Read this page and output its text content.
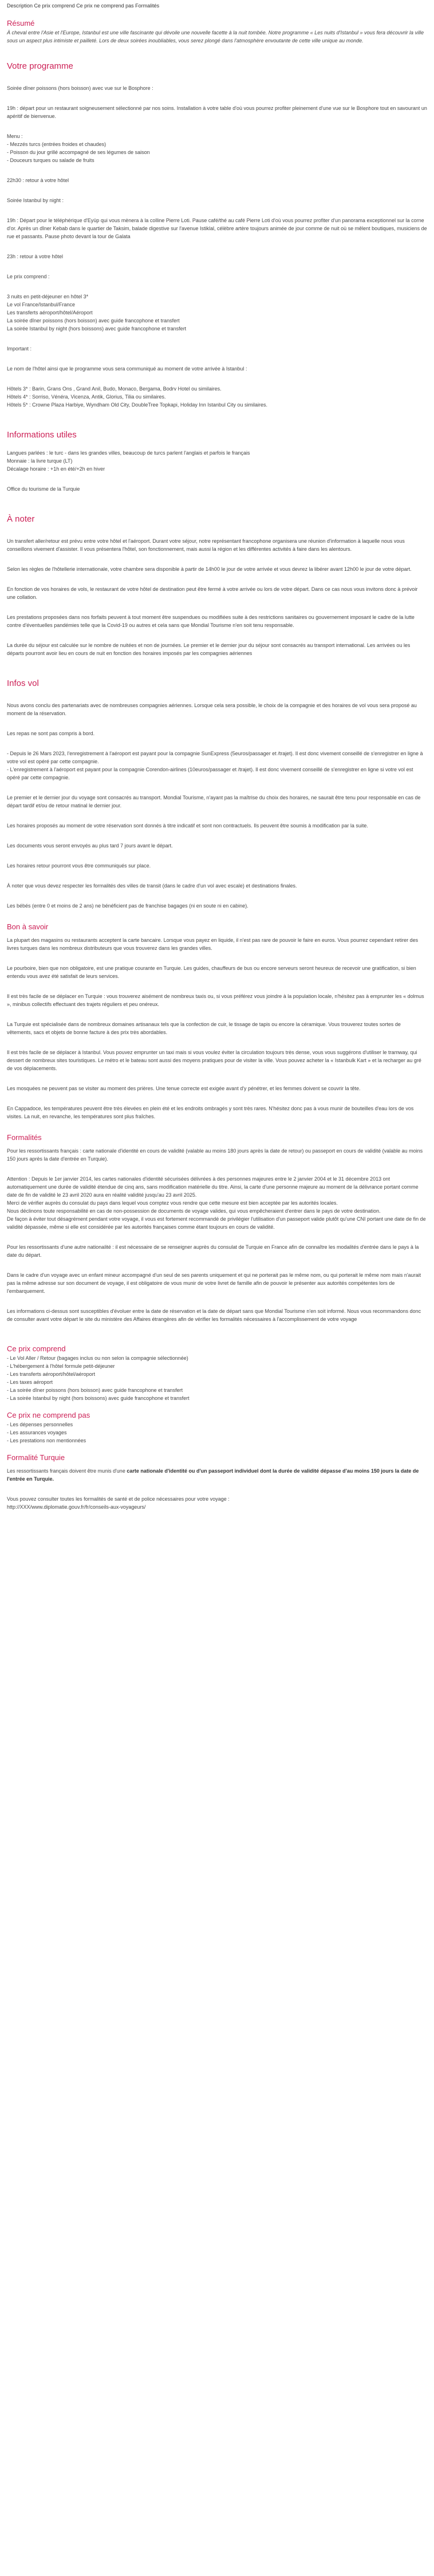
Description Ce prix comprend Ce prix ne comprend pas Formalités
Résumé

À cheval entre l'Asie et l'Europe, Istanbul est une ville fascinante qui dévoile une nouvelle facette à la nuit tombée. Notre programme « Les nuits d'Istanbul » vous fera découvrir la ville sous un aspect plus intimiste et pailleté. Lors de deux soirées inoubliables, vous serez plongé dans l'atmosphère envoutante de cette ville unique au monde.

Votre programme

Soirée dîner poissons (hors boisson) avec vue sur le Bosphore :

19h : départ pour un restaurant soigneusement sélectionné par nos soins. Installation à votre table d'où vous pourrez profiter pleinement d'une vue sur le Bosphore tout en savourant un apéritif de bienvenue.

Menu :

- Mezzés turcs (entrées froides et chaudes)

- Poisson du jour grillé accompagné de ses légumes de saison

- Douceurs turques ou salade de fruits

22h30 : retour à votre hôtel

Soirée Istanbul by night :

19h : Départ pour le téléphérique d'Eyüp qui vous mènera à la colline Pierre Loti. Pause café/thé au café Pierre Loti d'où vous pourrez profiter d'un panorama exceptionnel sur la corne d'or. Après un dîner Kebab dans le quartier de Taksim, balade digestive sur l'avenue Istiklal, célèbre artère toujours animée de jour comme de nuit où se mêlent boutiques, musiciens de rue et passants. Pause photo devant la tour de Galata

23h : retour à votre hôtel

Le prix comprend :

3 nuits en petit-déjeuner en hôtel 3*

Le vol France/Istanbul/France

Les transferts aéroport/hôtel/Aéroport

La soirée dîner poissons (hors boisson) avec guide francophone et transfert

La soirée Istanbul by night (hors boissons) avec guide francophone et transfert

Important :

Le nom de l'hôtel ainsi que le programme vous sera communiqué au moment de votre arrivée à Istanbul :

Hôtels 3* : Barin, Grans Ons , Grand Anil, Budo, Monaco, Bergama, Bodrv Hotel ou similaires.

Hôtels 4* : Sorriso, Vénéra, Vicenza, Antik, Glorius, Tilia ou similaires.

Hôtels 5* : Crowne Plaza Harbiye, Wyndham Old City, DoubleTree Topkapi, Holiday Inn Istanbul City ou similaires.

Informations utiles

Langues parlées : le turc - dans les grandes villes, beaucoup de turcs parlent l'anglais et parfois le français

Monnaie : la livre turque (LT)

Décalage horaire : +1h en été/+2h en hiver

Office du tourisme de la Turquie

À noter

Un transfert aller/retour est prévu entre votre hôtel et l'aéroport. Durant votre séjour, notre représentant francophone organisera une réunion d'information à laquelle nous vous conseillons vivement d'assister. Il vous présentera l'hôtel, son fonctionnement, mais aussi la région et les différentes activités à faire dans les alentours.

Selon les règles de l'hôtellerie internationale, votre chambre sera disponible à partir de 14h00 le jour de votre arrivée et vous devrez la libérer avant 12h00 le jour de votre départ.

En fonction de vos horaires de vols, le restaurant de votre hôtel de destination peut être fermé à votre arrivée ou lors de votre départ. Dans ce cas nous vous invitons donc à prévoir une collation.

Les prestations proposées dans nos forfaits peuvent à tout moment être suspendues ou modifiées suite à des restrictions sanitaires ou gouvernement imposant le cadre de la lutte contre d'éventuelles pandémies telle que la Covid-19 ou autres et cela sans que Mondial Tourisme n'en soit tenu responsable.

La durée du séjour est calculée sur le nombre de nuitées et non de journées. Le premier et le dernier jour du séjour sont consacrés au transport international. Les arrivées ou les départs pourront avoir lieu en cours de nuit en fonction des horaires imposés par les compagnies aériennes

Infos vol

Nous avons conclu des partenariats avec de nombreuses compagnies aériennes. Lorsque cela sera possible, le choix de la compagnie et des horaires de vol vous sera proposé au moment de la réservation.

Les repas ne sont pas compris à bord.

- Depuis le 26 Mars 2023, l'enregistrement à l'aéroport est payant pour la compagnie SunExpress (5euros/passager et /trajet). Il est donc vivement conseillé de s'enregistrer en ligne à votre vol est opéré par cette compagnie.
- L'enregistrement à l'aéroport est payant pour la compagnie Corendon-airlines (10euros/passager et /trajet). Il est donc vivement conseillé de s'enregistrer en ligne si votre vol est opéré par cette compagnie.

Le premier et le dernier jour du voyage sont consacrés au transport. Mondial Tourisme, n'ayant pas la maîtrise du choix des horaires, ne saurait être tenu pour responsable en cas de départ tardif et/ou de retour matinal le dernier jour.

Les horaires proposés au moment de votre réservation sont donnés à titre indicatif et sont non contractuels. Ils peuvent être soumis à modification par la suite.

Les documents vous seront envoyés au plus tard 7 jours avant le départ.

Les horaires retour pourront vous être communiqués sur place.

À noter que vous devez respecter les formalités des villes de transit (dans le cadre d'un vol avec escale) et destinations finales.

Les bébés (entre 0 et moins de 2 ans) ne bénéficient pas de franchise bagages (ni en soute ni en cabine).

Bon à savoir

La plupart des magasins ou restaurants acceptent la carte bancaire. Lorsque vous payez en liquide, il n'est pas rare de pouvoir le faire en euros. Vous pourrez cependant retirer des livres turques dans les nombreux distributeurs que vous trouverez dans les grandes villes.

Le pourboire, bien que non obligatoire, est une pratique courante en Turquie. Les guides, chauffeurs de bus ou encore serveurs seront heureux de recevoir une gratification, si bien entendu vous avez été satisfait de leurs services.

Il est très facile de se déplacer en Turquie : vous trouverez aisément de nombreux taxis ou, si vous préférez vous joindre à la population locale, n'hésitez pas à emprunter les « dolmus », minibus collectifs effectuant des trajets réguliers et peu onéreux.

La Turquie est spécialisée dans de nombreux domaines artisanaux tels que la confection de cuir, le tissage de tapis ou encore la céramique. Vous trouverez toutes sortes de vêtements, sacs et objets de bonne facture à des prix très abordables.

Il est très facile de se déplacer à Istanbul. Vous pouvez emprunter un taxi mais si vous voulez éviter la circulation toujours très dense, vous vous suggérons d'utiliser le tramway, qui dessert de nombreux sites touristiques. Le métro et le bateau sont aussi des moyens pratiques pour de visiter la ville. Vous pouvez acheter la « Istanbulk Kart » et la recharger au gré de vos déplacements.

Les mosquées ne peuvent pas se visiter au moment des prières. Une tenue correcte est exigée avant d'y pénétrer, et les femmes doivent se couvrir la tête.

En Cappadoce, les températures peuvent être très élevées en plein été et les endroits ombragés y sont très rares. N'hésitez donc pas à vous munir de bouteilles d'eau lors de vos visites. La nuit, en revanche, les températures sont plus fraîches.

Formalités

Pour les ressortissants français : carte nationale d'identité en cours de validité (valable au moins 180 jours après la date de retour) ou passeport en cours de validité (valable au moins 150 jours après la date d'entrée en Turquie).

Attention : Depuis le 1er janvier 2014, les cartes nationales d'identité sécurisées délivrées à des personnes majeures entre le 2 janvier 2004 et le 31 décembre 2013 ont automatiquement une durée de validité étendue de cinq ans, sans modification matérielle du titre. Ainsi, la carte d'une personne majeure au moment de la délivrance portant comme date de fin de validité le 23 avril 2020 aura en réalité validité jusqu'au 23 avril 2025.
Merci de vérifier auprès du consulat du pays dans lequel vous comptez vous rendre que cette mesure est bien acceptée par les autorités locales.
Nous déclinons toute responsabilité en cas de non-possession de documents de voyage valides, qui vous empêcheraient d'entrer dans le pays de votre destination.
De façon à éviter tout désagrément pendant votre voyage, il vous est fortement recommandé de privilégier l'utilisation d'un passeport valide plutôt qu'une CNI portant une date de fin de validité dépassée, même si elle est considérée par les autorités françaises comme étant toujours en cours de validité.

Pour les ressortissants d'une autre nationalité : il est nécessaire de se renseigner auprès du consulat de Turquie en France afin de connaître les modalités d'entrée dans le pays à la date du départ.

Dans le cadre d'un voyage avec un enfant mineur accompagné d'un seul de ses parents uniquement et qui ne porterait pas le même nom, ou qui porterait le même nom mais n'aurait pas la même adresse sur son document de voyage, il est obligatoire de vous munir de votre livret de famille afin de pouvoir le présenter aux autorités compétentes lors de l'embarquement.

Les informations ci-dessus sont susceptibles d'évoluer entre la date de réservation et la date de départ sans que Mondial Tourisme n'en soit informé. Nous vous recommandons donc de consulter avant votre départ le site du ministère des Affaires étrangères afin de vérifier les formalités nécessaires à l'accomplissement de votre voyage

Ce prix comprend

- Le Vol Aller / Retour (bagages inclus ou non selon la compagnie sélectionnée)

- L'hébergement à l'hôtel formule petit-déjeuner

- Les transferts aéroport/hôtel/aéroport

- Les taxes aéroport

- La soirée dîner poissons (hors boisson) avec guide francophone et transfert

- La soirée Istanbul by night (hors boissons) avec guide francophone et transfert

Ce prix ne comprend pas

- Les dépenses personnelles

- Les assurances voyages

- Les prestations non mentionnées

Formalité Turquie

Les ressortissants français doivent être munis d'une carte nationale d'identité ou d'un passeport individuel dont la durée de validité dépasse d'au moins 150 jours la date de l'entrée en Turquie.

Vous pouvez consulter toutes les formalités de santé et de police nécessaires pour votre voyage :

http://XXX/www.diplomatie.gouv.fr/fr/conseils-aux-voyageurs/
